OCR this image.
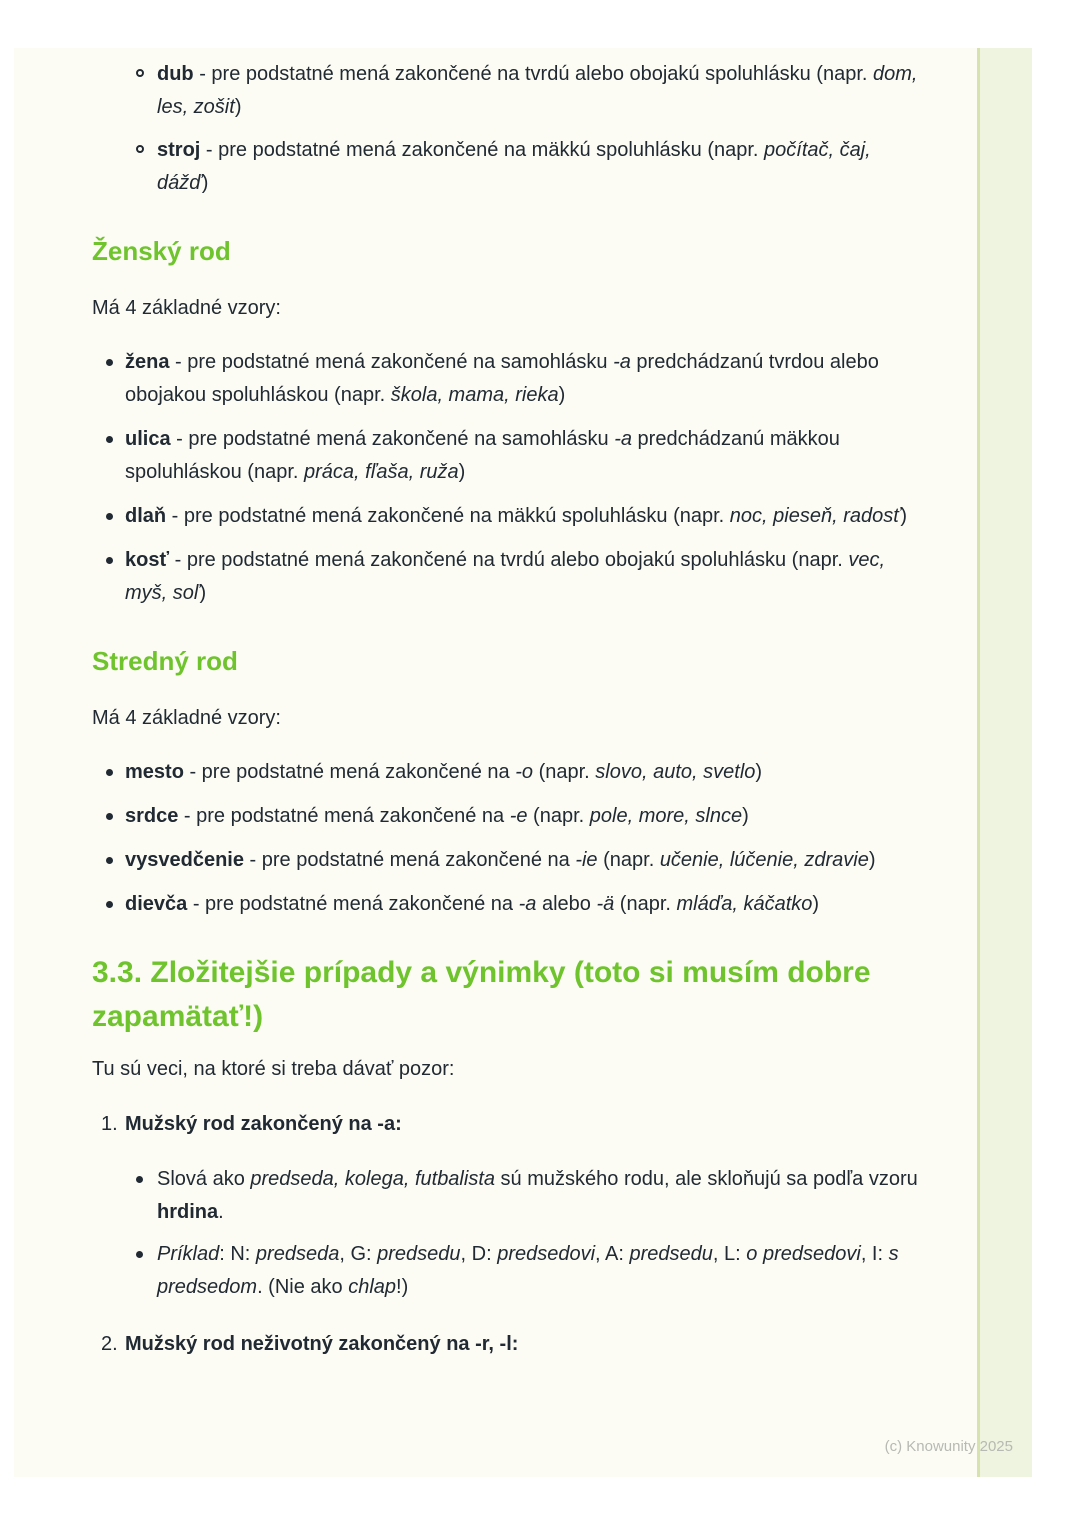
dub - pre podstatné mená zakončené na tvrdú alebo obojakú spoluhlásku (napr. dom, les, zošit)
stroj - pre podstatné mená zakončené na mäkkú spoluhlásku (napr. počítač, čaj, dážď)
Ženský rod

Má 4 základné vzory:

žena - pre podstatné mená zakončené na samohlásku -a predchádzanú tvrdou alebo obojakou spoluhláskou (napr. škola, mama, rieka)
ulica - pre podstatné mená zakončené na samohlásku -a predchádzanú mäkkou spoluhláskou (napr. práca, fľaša, ruža)
dlaň - pre podstatné mená zakončené na mäkkú spoluhlásku (napr. noc, pieseň, radosť)
kosť - pre podstatné mená zakončené na tvrdú alebo obojakú spoluhlásku (napr. vec, myš, soľ)
Stredný rod

Má 4 základné vzory:

mesto - pre podstatné mená zakončené na -o (napr. slovo, auto, svetlo)
srdce - pre podstatné mená zakončené na -e (napr. pole, more, slnce)
vysvedčenie - pre podstatné mená zakončené na -ie (napr. učenie, lúčenie, zdravie)
dievča - pre podstatné mená zakončené na -a alebo -ä (napr. mláďa, káčatko)
3.3. Zložitejšie prípady a výnimky (toto si musím dobre zapamätať!)

Tu sú veci, na ktoré si treba dávať pozor:

1. Mužský rod zakončený na -a:
Slová ako predseda, kolega, futbalista sú mužského rodu, ale skloňujú sa podľa vzoru hrdina.
Príklad: N: predseda, G: predsedu, D: predsedovi, A: predsedu, L: o predsedovi, I: s predsedom. (Nie ako chlap!)
2. Mužský rod neživotný zakončený na -r, -l:
(c) Knowunity 2025
